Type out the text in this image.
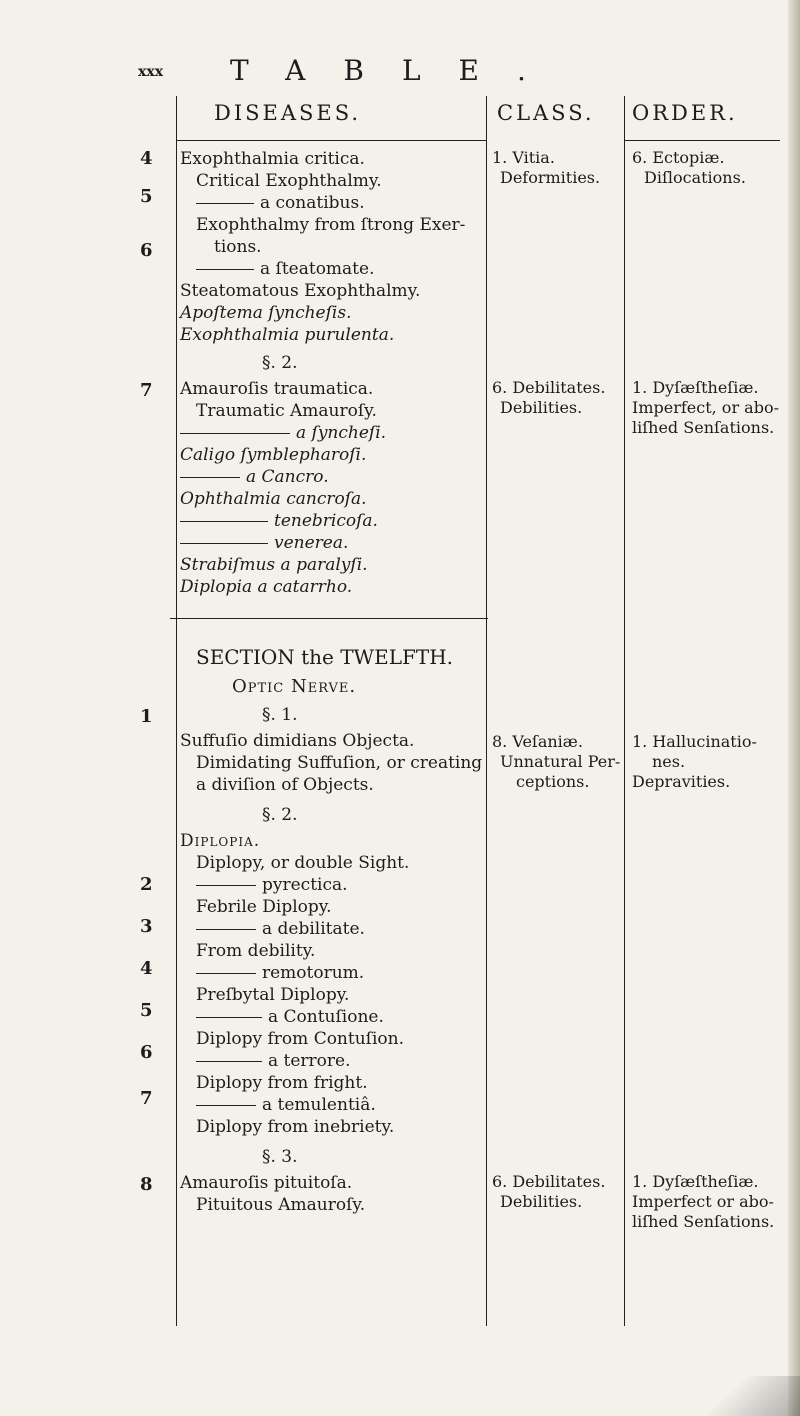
xxx TABLE.
DISEASES.	CLASS. ORDER.
Exophthalmia critica.
Critical Exophthalmy.
a conatibus.
Exophthalmy from ſtrong Exer-
tions.
a ſteatomate.
Steatomatous Exophthalmy.
Apoſtema ſyncheſis.
Exophthalmia purulenta.
4
5
6
1. Vitia.
Deformities.
6. Ectopiæ.
Diſlocations.
§. 2.
Amauroſis traumatica.
Traumatic Amauroſy.
a ſyncheſi.
Caligo ſymblepharoſi.
a Cancro.
Ophthalmia cancroſa.
tenebricoſa.
venerea.
Strabiſmus a paralyſi.
Diplopia a catarrho.
7	6. Debilitates.
Debilities.
1. Dyſæſtheſiæ.
Imperfect, or abo-
liſhed Senſations.
SECTION the TWELFTH.
Optic Nerve.
§. 1.
Suffuſio dimidians Objecta.
Dimidating Suffuſion, or creating
a diviſion of Objects.
8. Veſaniæ.
Unnatural Per-
ceptions.
1. Hallucinatio-
nes.
Depravities.
§. 2.
Diplopia.
Diplopy, or double Sight.
pyrectica.
Febrile Diplopy.
a debilitate.
From debility.
remotorum.
Preſbytal Diplopy.
a Contuſione.
Diplopy from Contuſion.
a terrore.
Diplopy from fright.
a temulentiâ.
Diplopy from inebriety.
1
2
3
4
5
6
7
8
§. 3.
Amauroſis pituitoſa.
Pituitous Amauroſy.
6. Debilitates.
Debilities.
1. Dyſæſtheſiæ.
Imperfect or abo-
liſhed Senſations.
